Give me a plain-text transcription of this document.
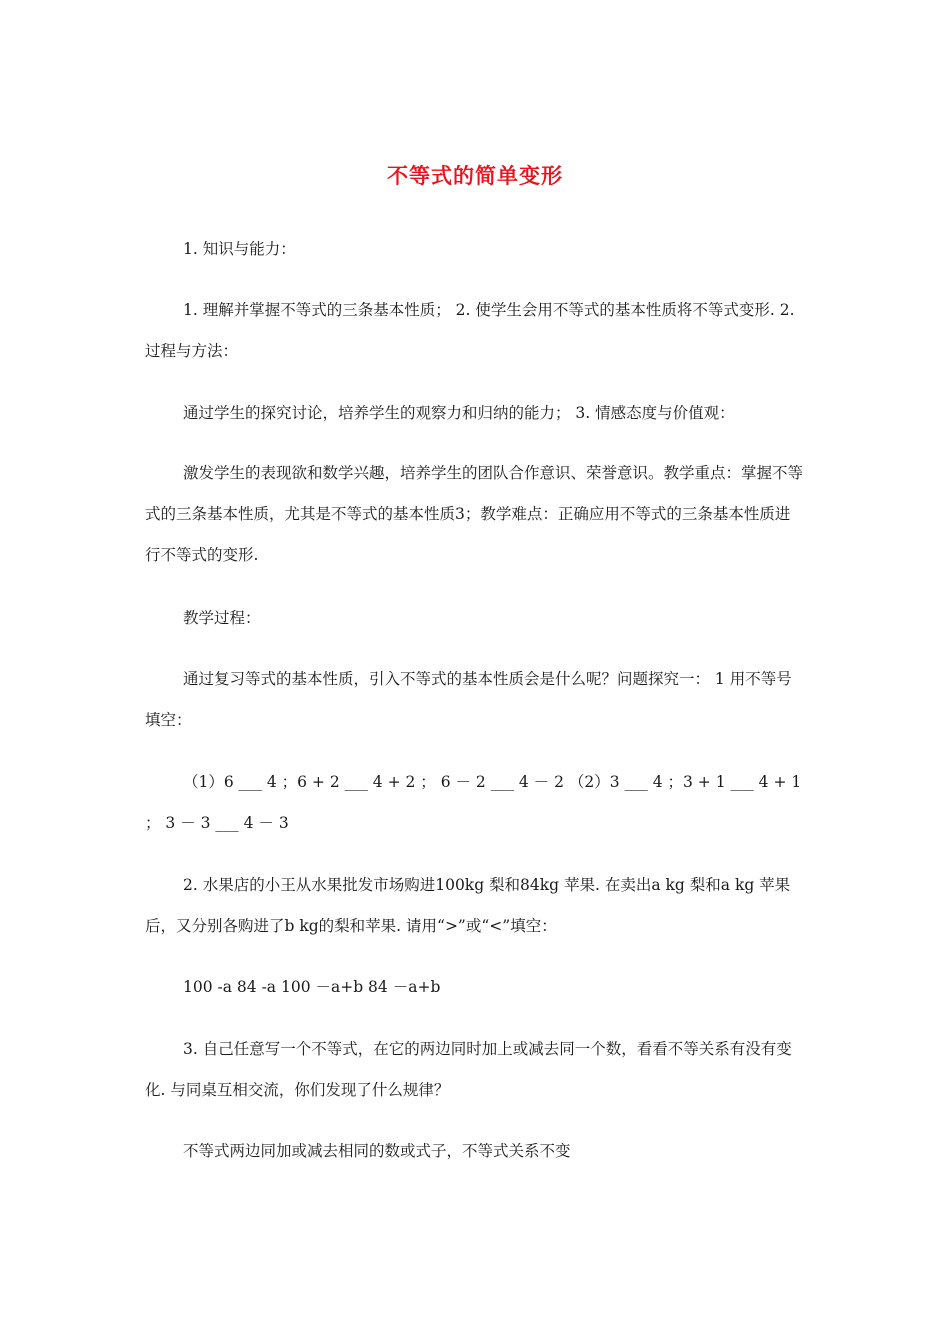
不等式的简单变形
1. 知识与能力：
1. 理解并掌握不等式的三条基本性质； 2. 使学生会用不等式的基本性质将不等式变形. 2. 过程与方法：
通过学生的探究讨论，培养学生的观察力和归纳的能力； 3. 情感态度与价值观：
激发学生的表现欲和数学兴趣，培养学生的团队合作意识、荣誉意识。教学重点：掌握不等式的三条基本性质，尤其是不等式的基本性质3；教学难点：正确应用不等式的三条基本性质进行不等式的变形.
教学过程：
通过复习等式的基本性质，引入不等式的基本性质会是什么呢？问题探究一： 1 用不等号填空：
（1）6 ___ 4 ；6 + 2 ___ 4 + 2 ； 6 － 2 ___ 4 － 2 （2）3 ___ 4 ；3 + 1 ___ 4 + 1 ； 3 － 3 ___ 4 － 3
2. 水果店的小王从水果批发市场购进100kg 梨和84kg 苹果. 在卖出a kg 梨和a kg 苹果后，又分别各购进了b kg的梨和苹果. 请用“>”或“<”填空：
100 -a 84 -a 100 －a+b 84 －a+b
3. 自己任意写一个不等式，在它的两边同时加上或减去同一个数，看看不等关系有没有变化. 与同桌互相交流，你们发现了什么规律？
不等式两边同加或减去相同的数或式子，不等式关系不变
